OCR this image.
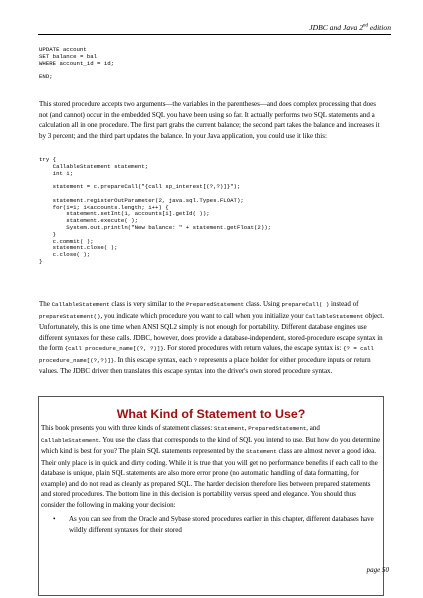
JDBC and Java 2nd edition
UPDATE account
SET balance = bal
WHERE account_id = id;

END;

This stored procedure accepts two arguments—the variables in the parentheses—and does complex processing that does not (and cannot) occur in the embedded SQL you have been using so far. It actually performs two SQL statements and a calculation all in one procedure. The first part grabs the current balance; the second part takes the balance and increases it by 3 percent; and the third part updates the balance. In your Java application, you could use it like this:

try {
CallableStatement statement;
int i;

statement = c.prepareCall("{call sp_interest[(?,?)]}");

statement.registerOutParameter(2, java.sql.Types.FLOAT);
for(i=1; i<accounts.length; i++) {
statement.setInt(1, accounts[i].getId( ));
statement.execute( );
System.out.println("New balance: " + statement.getFloat(2));
}
c.commit( );
statement.close( );
c.close( );
}

The CallableStatement class is very similar to the PreparedStatement class. Using prepareCall( ) instead of prepareStatement(), you indicate which procedure you want to call when you initialize your CallableStatement object. Unfortunately, this is one time when ANSI SQL2 simply is not enough for portability. Different database engines use different syntaxes for these calls. JDBC, however, does provide a database-independent, stored-procedure escape syntax in the form {call procedure_name[(?, ?)]}. For stored procedures with return values, the escape syntax is: {? = call procedure_name[(?,?)]}. In this escape syntax, each ? represents a place holder for either procedure inputs or return values. The JDBC driver then translates this escape syntax into the driver's own stored procedure syntax.

What Kind of Statement to Use?

This book presents you with three kinds of statement classes: Statement, PreparedStatement, and CallableStatement. You use the class that corresponds to the kind of SQL you intend to use. But how do you determine which kind is best for you? The plain SQL statements represented by the Statement class are almost never a good idea. Their only place is in quick and dirty coding. While it is true that you will get no performance benefits if each call to the database is unique, plain SQL statements are also more error prone (no automatic handling of data formatting, for example) and do not read as cleanly as prepared SQL. The harder decision therefore lies between prepared statements and stored procedures. The bottom line in this decision is portability versus speed and elegance. You should thus consider the following in making your decision:

• As you can see from the Oracle and Sybase stored procedures earlier in this chapter, different databases have wildly different syntaxes for their stored
page 50
